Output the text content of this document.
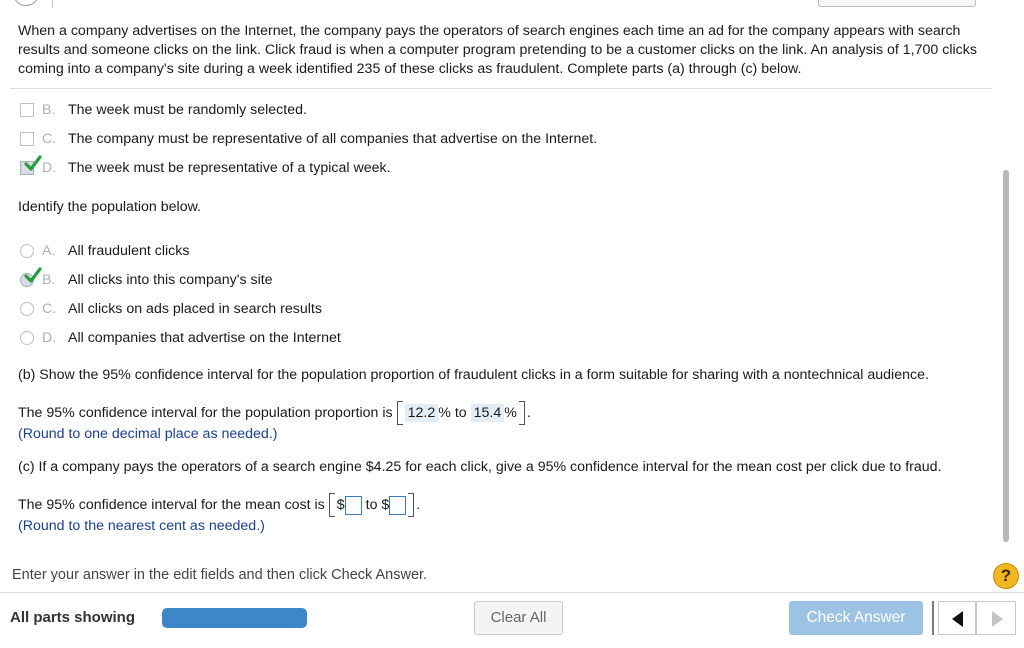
When a company advertises on the Internet, the company pays the operators of search engines each time an ad for the company appears with search results and someone clicks on the link. Click fraud is when a computer program pretending to be a customer clicks on the link. An analysis of 1,700 clicks coming into a company's site during a week identified 235 of these clicks as fraudulent. Complete parts (a) through (c) below.
B. The week must be randomly selected.
C. The company must be representative of all companies that advertise on the Internet.
D. The week must be representative of a typical week.
Identify the population below.
A. All fraudulent clicks
B. All clicks into this company's site
C. All clicks on ads placed in search results
D. All companies that advertise on the Internet
(b) Show the 95% confidence interval for the population proportion of fraudulent clicks in a form suitable for sharing with a nontechnical audience.
The 95% confidence interval for the population proportion is 12.2 % to 15.4 % .
(Round to one decimal place as needed.)
(c) If a company pays the operators of a search engine $4.25 for each click, give a 95% confidence interval for the mean cost per click due to fraud.
The 95% confidence interval for the mean cost is $ to $ .
(Round to the nearest cent as needed.)
Enter your answer in the edit fields and then click Check Answer.	?
All parts showing	Clear All	Check Answer
